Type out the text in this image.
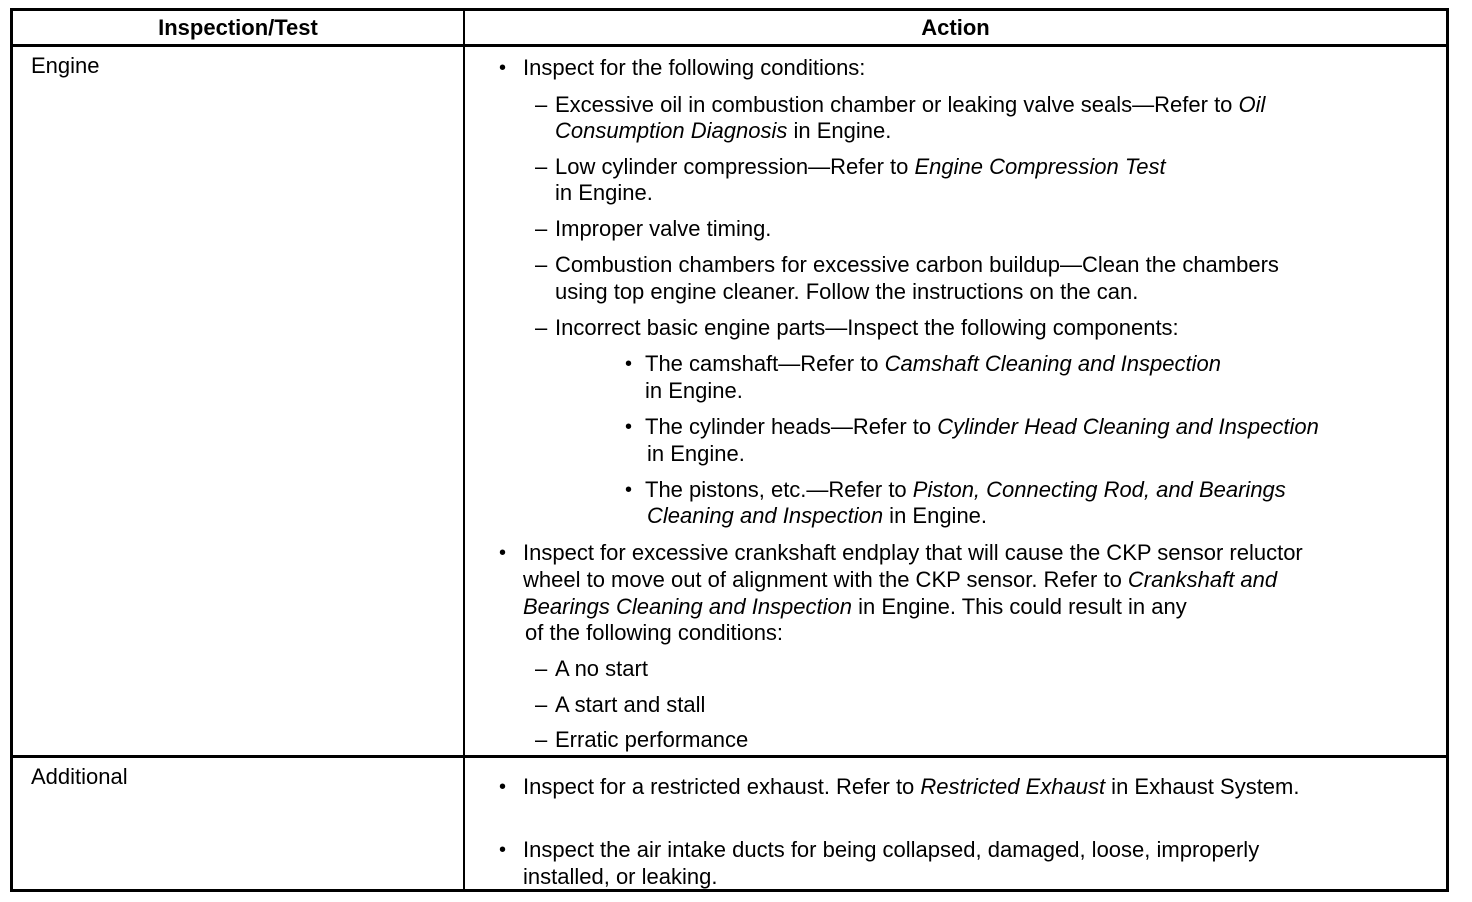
Inspection/Test	Action
Engine	• Inspect for the following conditions:
– Excessive oil in combustion chamber or leaking valve seals—Refer to Oil
Consumption Diagnosis in Engine.
– Low cylinder compression—Refer to Engine Compression Test
in Engine.
– Improper valve timing.
– Combustion chambers for excessive carbon buildup—Clean the chambers
using top engine cleaner. Follow the instructions on the can.
– Incorrect basic engine parts—Inspect the following components:
• The camshaft—Refer to Camshaft Cleaning and Inspection
in Engine.
• The cylinder heads—Refer to Cylinder Head Cleaning and Inspection
in Engine.
• The pistons, etc.—Refer to Piston, Connecting Rod, and Bearings
Cleaning and Inspection in Engine.
• Inspect for excessive crankshaft endplay that will cause the CKP sensor reluctor
wheel to move out of alignment with the CKP sensor. Refer to Crankshaft and
Bearings Cleaning and Inspection in Engine. This could result in any
of the following conditions:
– A no start
– A start and stall
– Erratic performance
Additional	• Inspect for a restricted exhaust. Refer to Restricted Exhaust in Exhaust System.
• Inspect the air intake ducts for being collapsed, damaged, loose, improperly
installed, or leaking.
